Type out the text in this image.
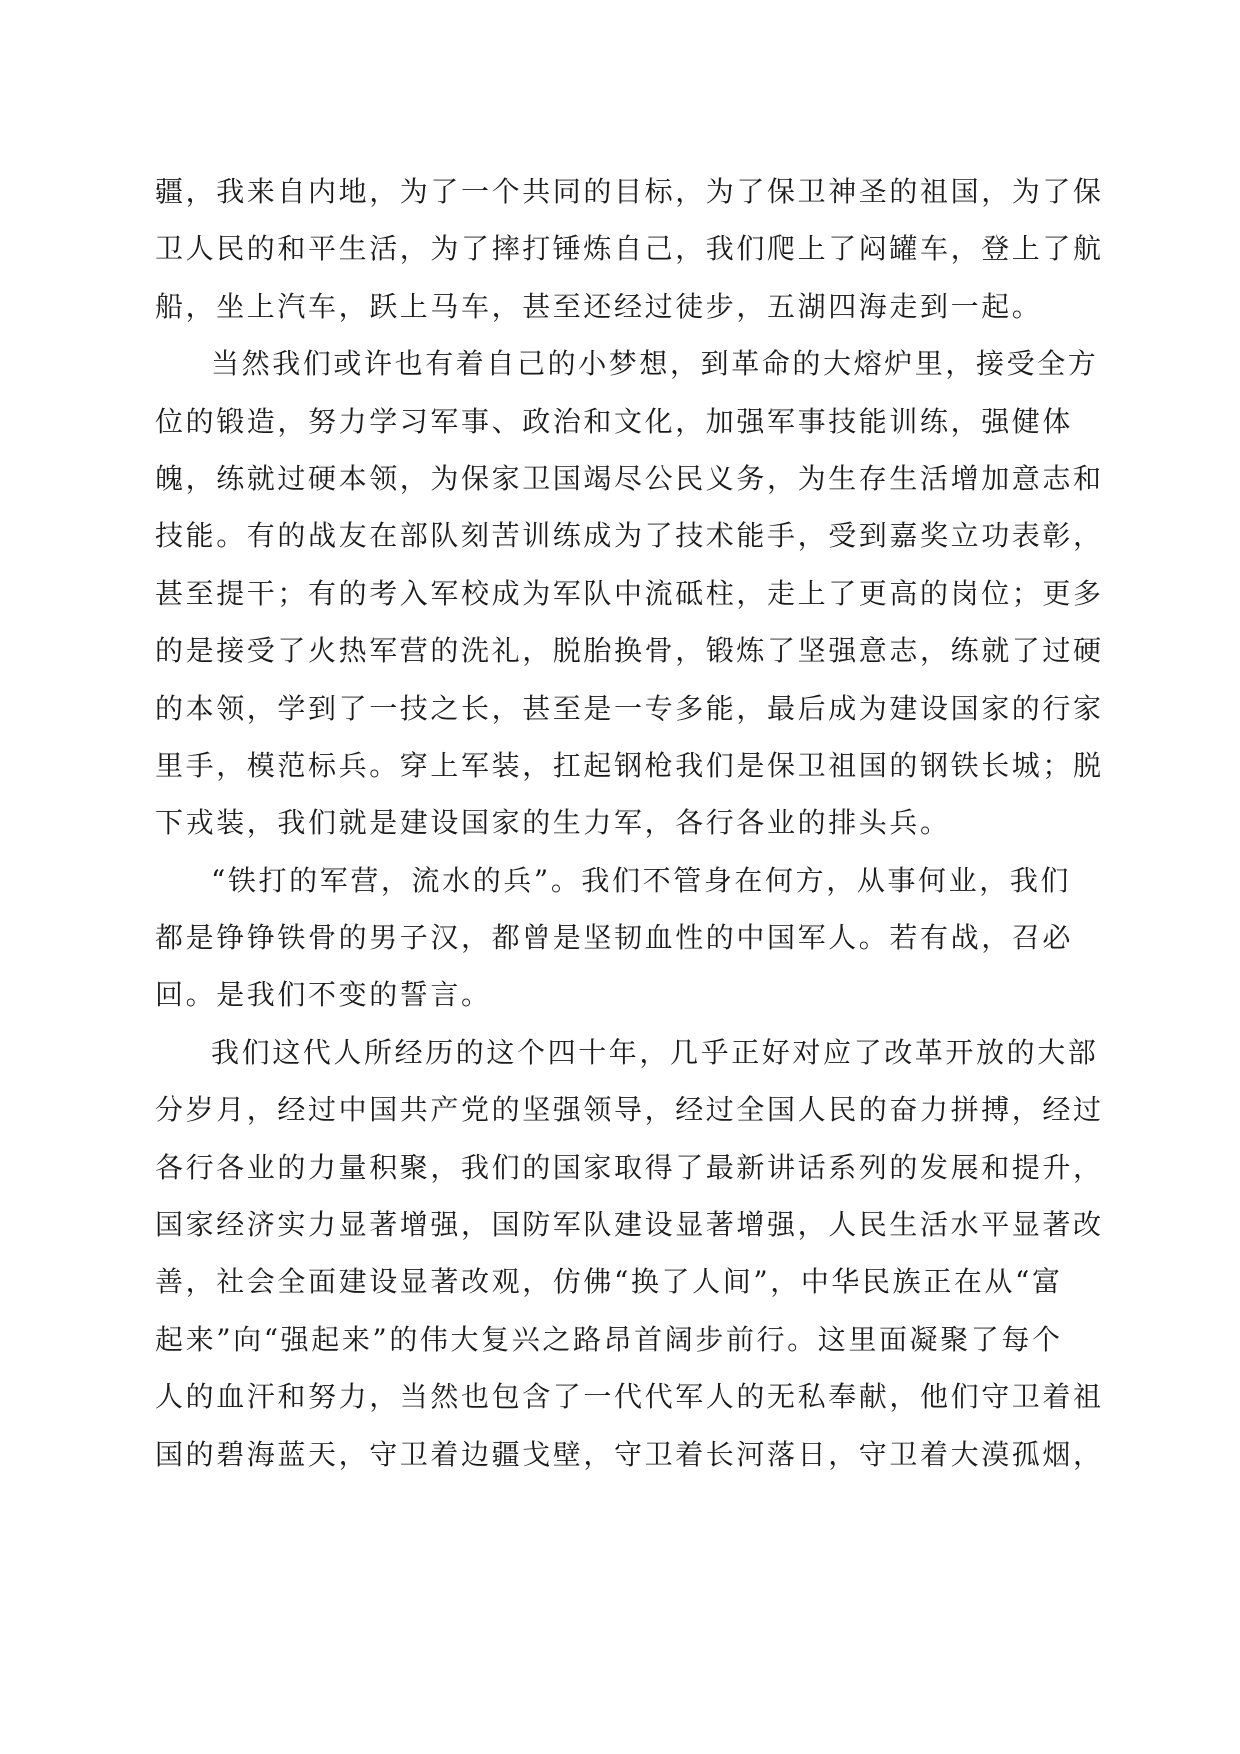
疆，我来自内地，为了一个共同的目标，为了保卫神圣的祖国，为了保
卫人民的和平生活，为了摔打锤炼自己，我们爬上了闷罐车，登上了航
船，坐上汽车，跃上马车，甚至还经过徒步，五湖四海走到一起。
当然我们或许也有着自己的小梦想，到革命的大熔炉里，接受全方
位的锻造，努力学习军事、政治和文化，加强军事技能训练，强健体
魄，练就过硬本领，为保家卫国竭尽公民义务，为生存生活增加意志和
技能。有的战友在部队刻苦训练成为了技术能手，受到嘉奖立功表彰，
甚至提干；有的考入军校成为军队中流砥柱，走上了更高的岗位；更多
的是接受了火热军营的洗礼，脱胎换骨，锻炼了坚强意志，练就了过硬
的本领，学到了一技之长，甚至是一专多能，最后成为建设国家的行家
里手，模范标兵。穿上军装，扛起钢枪我们是保卫祖国的钢铁长城；脱
下戎装，我们就是建设国家的生力军，各行各业的排头兵。
“铁打的军营，流水的兵”。我们不管身在何方，从事何业，我们
都是铮铮铁骨的男子汉，都曾是坚韧血性的中国军人。若有战，召必
回。是我们不变的誓言。
我们这代人所经历的这个四十年，几乎正好对应了改革开放的大部
分岁月，经过中国共产党的坚强领导，经过全国人民的奋力拼搏，经过
各行各业的力量积聚，我们的国家取得了最新讲话系列的发展和提升，
国家经济实力显著增强，国防军队建设显著增强，人民生活水平显著改
善，社会全面建设显著改观，仿佛“换了人间”，中华民族正在从“富
起来”向“强起来”的伟大复兴之路昂首阔步前行。这里面凝聚了每个
人的血汗和努力，当然也包含了一代代军人的无私奉献，他们守卫着祖
国的碧海蓝天，守卫着边疆戈壁，守卫着长河落日，守卫着大漠孤烟，
